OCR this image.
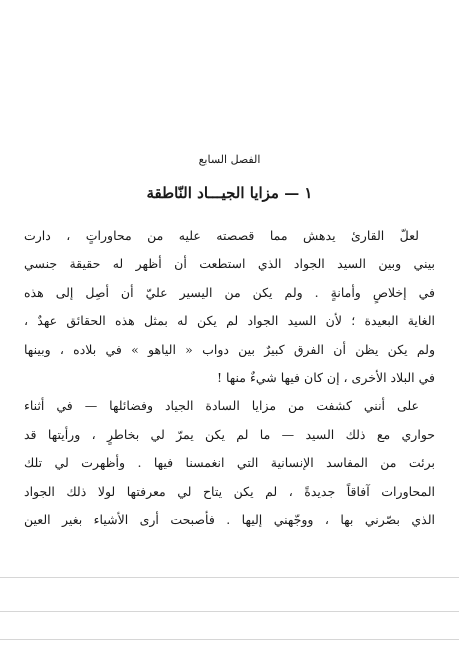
الفصل السابع
١ — مزايا الجيـــاد النّاطقة
لعلّ القارئ يدهش مما قصصته عليه من محاوراتٍ ، دارت
بيني وبين السيد الجواد الذي استطعت أن أظهر له حقيقة جنسي
في إخلاصٍ وأمانةٍ . ولم يكن من اليسير عليّ أن أصِل إلى هذه
الغاية البعيدة ؛ لأن السيد الجواد لم يكن له بمثل هذه الحقائق عهدٌ ،
ولم يكن يظن أن الفرق كبيرٌ بين دواب « الياهو » في بلاده ، وبينها
في البلاد الأخرى ، إن كان فيها شيءٌ منها !
على أنني كشفت من مزايا السادة الجياد وفضائلها — في أثناء
حواري مع ذلك السيد — ما لم يكن يمرّ لي بخاطرٍ ، ورأيتها قد
برئت من المفاسد الإنسانية التي انغمسنا فيها . وأظهرت لي تلك
المحاورات آفاقاً جديدةً ، لم يكن يتاح لي معرفتها لولا ذلك الجواد
الذي بصّرني بها ، ووجّهني إليها . فأصبحت أرى الأشياء بغير العين
